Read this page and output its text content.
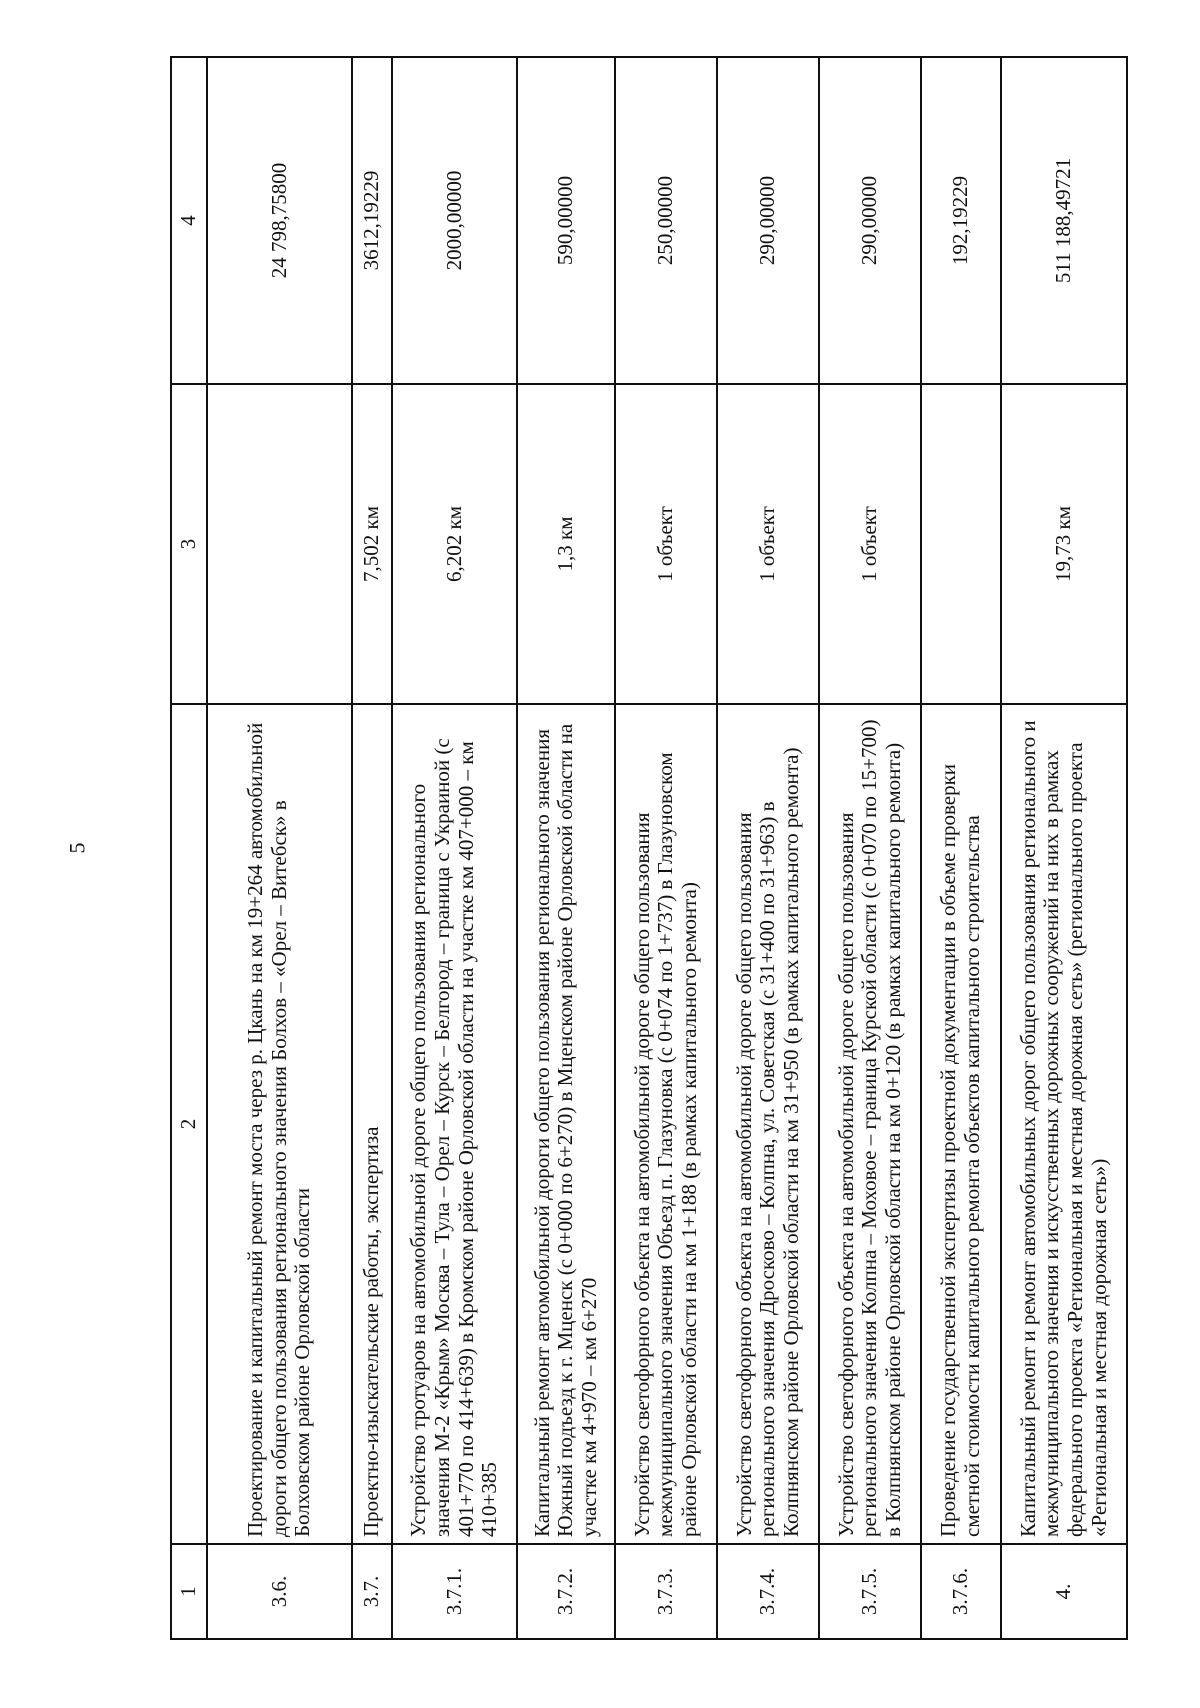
5
1	2	3	4
3.6.	Проектирование и капитальный ремонт моста через р. Цкань на км 19+264 автомобильной дороги общего пользования регионального значения Болхов – «Орел – Витебск» в Болховском районе Орловской области		24 798,75800
3.7.	Проектно-изыскательские работы, экспертиза	7,502 км	3612,19229
3.7.1.	Устройство тротуаров на автомобильной дороге общего пользования регионального значения М-2 «Крым» Москва – Тула – Орел – Курск – Белгород – граница с Украиной (с 401+770 по 414+639) в Кромском районе Орловской области на участке км 407+000 – км 410+385	6,202 км	2000,00000
3.7.2.	Капитальный ремонт автомобильной дороги общего пользования регионального значения Южный подъезд к г. Мценск (с 0+000 по 6+270) в Мценском районе Орловской области на участке км 4+970 – км 6+270	1,3 км	590,00000
3.7.3.	Устройство светофорного объекта на автомобильной дороге общего пользования межмуниципального значения Объезд п. Глазуновка (с 0+074 по 1+737) в Глазуновском районе Орловской области на км 1+188 (в рамках капитального ремонта)	1 объект	250,00000
3.7.4.	Устройство светофорного объекта на автомобильной дороге общего пользования регионального значения Дросково – Колпна, ул. Советская (с 31+400 по 31+963) в Колпнянском районе Орловской области на км 31+950 (в рамках капитального ремонта)	1 объект	290,00000
3.7.5.	Устройство светофорного объекта на автомобильной дороге общего пользования регионального значения Колпна – Моховое – граница Курской области (с 0+070 по 15+700) в Колпнянском районе Орловской области на км 0+120 (в рамках капитального ремонта)	1 объект	290,00000
3.7.6.	Проведение государственной экспертизы проектной документации в объеме проверки сметной стоимости капитального ремонта объектов капитального строительства		192,19229
4.	Капитальный ремонт и ремонт автомобильных дорог общего пользования регионального и межмуниципального значения и искусственных дорожных сооружений на них в рамках федерального проекта «Региональная и местная дорожная сеть» (регионального проекта «Региональная и местная дорожная сеть»)	19,73 км	511 188,49721
